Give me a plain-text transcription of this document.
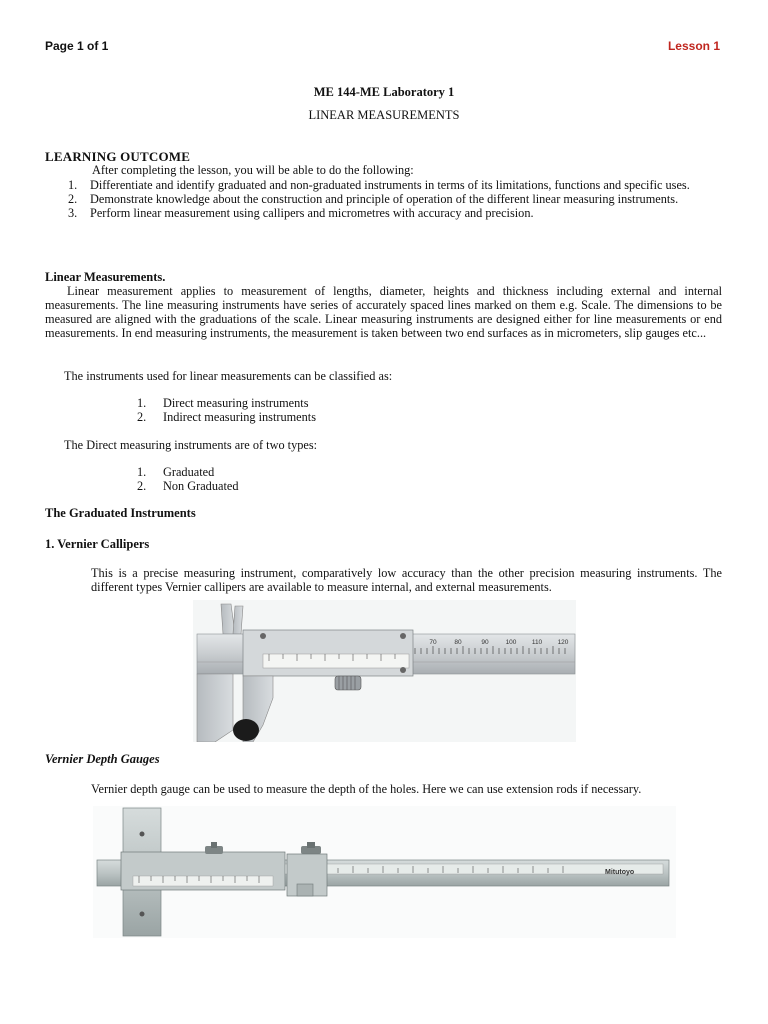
Page 1 of 1	Lesson 1
ME 144-ME Laboratory 1
LINEAR MEASUREMENTS
LEARNING OUTCOME
After completing the lesson, you will be able to do the following:
1.	Differentiate and identify graduated and non-graduated instruments in terms of its limitations, functions and specific uses.
2.	Demonstrate knowledge about the construction and principle of operation of the different linear measuring instruments.
3.	Perform linear measurement using callipers and micrometres with accuracy and precision.
Linear Measurements.
Linear measurement applies to measurement of lengths, diameter, heights and thickness including external and internal measurements. The line measuring instruments have series of accurately spaced lines marked on them e.g. Scale. The dimensions to be measured are aligned with the graduations of the scale. Linear measuring instruments are designed either for line measurements or end measurements. In end measuring instruments, the measurement is taken between two end surfaces as in micrometers, slip gauges etc...
The instruments used for linear measurements can be classified as:
1.	Direct measuring instruments
2.	Indirect measuring instruments
The Direct measuring instruments are of two types:
1.	Graduated
2.	Non Graduated
The Graduated Instruments
1. Vernier Callipers
This is a precise measuring instrument, comparatively low accuracy than the other precision measuring instruments. The different types Vernier callipers are available to measure internal, and external measurements.
70	80	90	100 110 120
Vernier Depth Gauges
Vernier depth gauge can be used to measure the depth of the holes. Here we can use extension rods if necessary.
Mitutoyo
